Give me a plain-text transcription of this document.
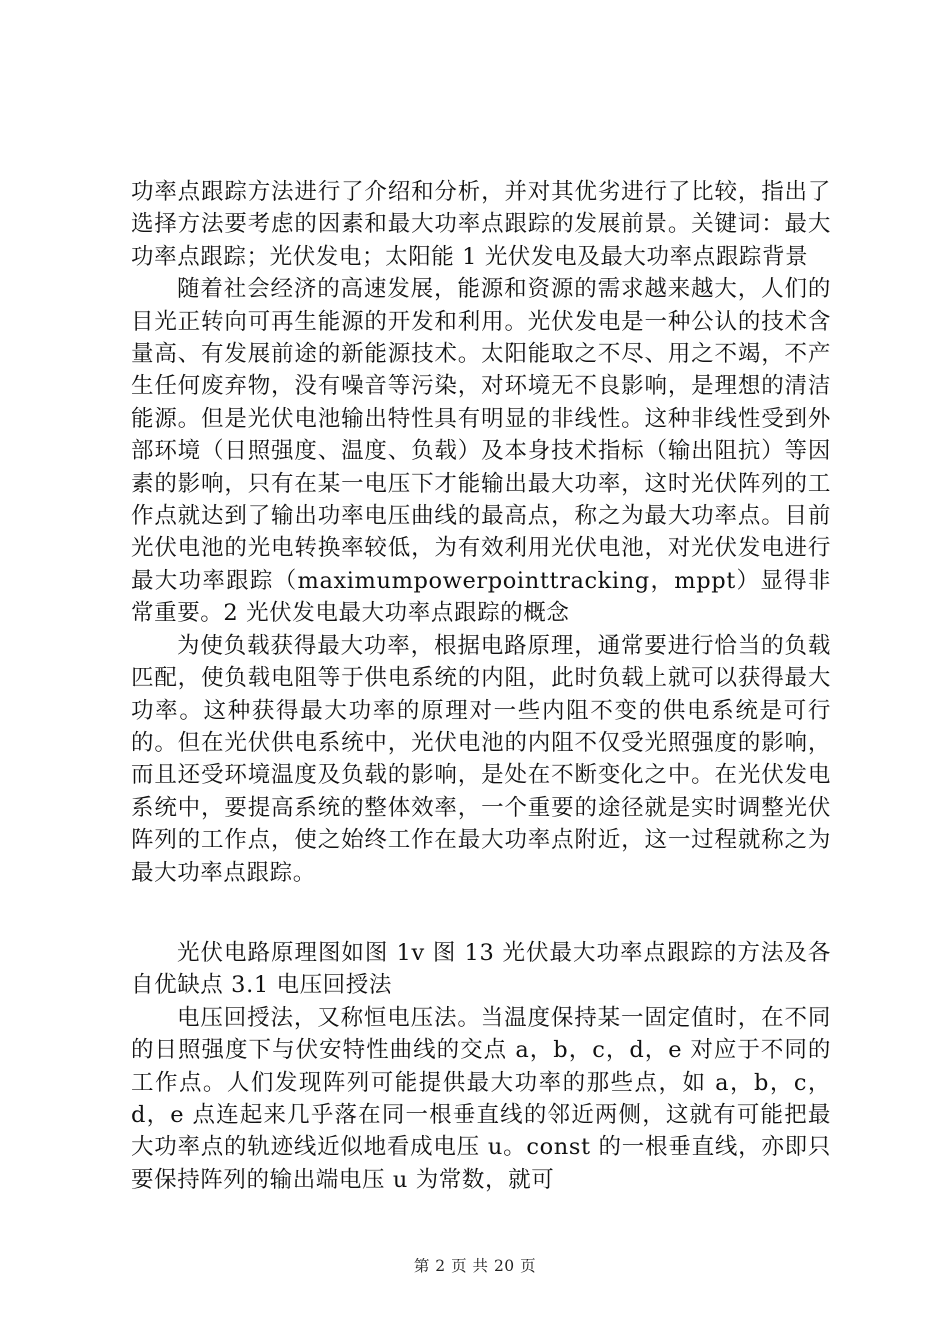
功率点跟踪方法进行了介绍和分析，并对其优劣进行了比较，指出了选择方法要考虑的因素和最大功率点跟踪的发展前景。关键词：最大功率点跟踪；光伏发电；太阳能 1 光伏发电及最大功率点跟踪背景

随着社会经济的高速发展，能源和资源的需求越来越大，人们的目光正转向可再生能源的开发和利用。光伏发电是一种公认的技术含量高、有发展前途的新能源技术。太阳能取之不尽、用之不竭，不产生任何废弃物，没有噪音等污染，对环境无不良影响，是理想的清洁能源。但是光伏电池输出特性具有明显的非线性。这种非线性受到外部环境（日照强度、温度、负载）及本身技术指标（输出阻抗）等因素的影响，只有在某一电压下才能输出最大功率，这时光伏阵列的工作点就达到了输出功率电压曲线的最高点，称之为最大功率点。目前光伏电池的光电转换率较低，为有效利用光伏电池，对光伏发电进行最大功率跟踪（maximumpowerpointtracking，mppt）显得非常重要。2 光伏发电最大功率点跟踪的概念

为使负载获得最大功率，根据电路原理，通常要进行恰当的负载匹配，使负载电阻等于供电系统的内阻，此时负载上就可以获得最大功率。这种获得最大功率的原理对一些内阻不变的供电系统是可行的。但在光伏供电系统中，光伏电池的内阻不仅受光照强度的影响，而且还受环境温度及负载的影响，是处在不断变化之中。在光伏发电系统中，要提高系统的整体效率，一个重要的途径就是实时调整光伏阵列的工作点，使之始终工作在最大功率点附近，这一过程就称之为最大功率点跟踪。

光伏电路原理图如图 1v 图 13 光伏最大功率点跟踪的方法及各自优缺点 3.1 电压回授法

电压回授法，又称恒电压法。当温度保持某一固定值时，在不同的日照强度下与伏安特性曲线的交点 a，b，c，d，e 对应于不同的工作点。人们发现阵列可能提供最大功率的那些点，如 a，b，c，d，e 点连起来几乎落在同一根垂直线的邻近两侧，这就有可能把最大功率点的轨迹线近似地看成电压 u。const 的一根垂直线，亦即只要保持阵列的输出端电压 u 为常数，就可

第 2 页 共 20 页
